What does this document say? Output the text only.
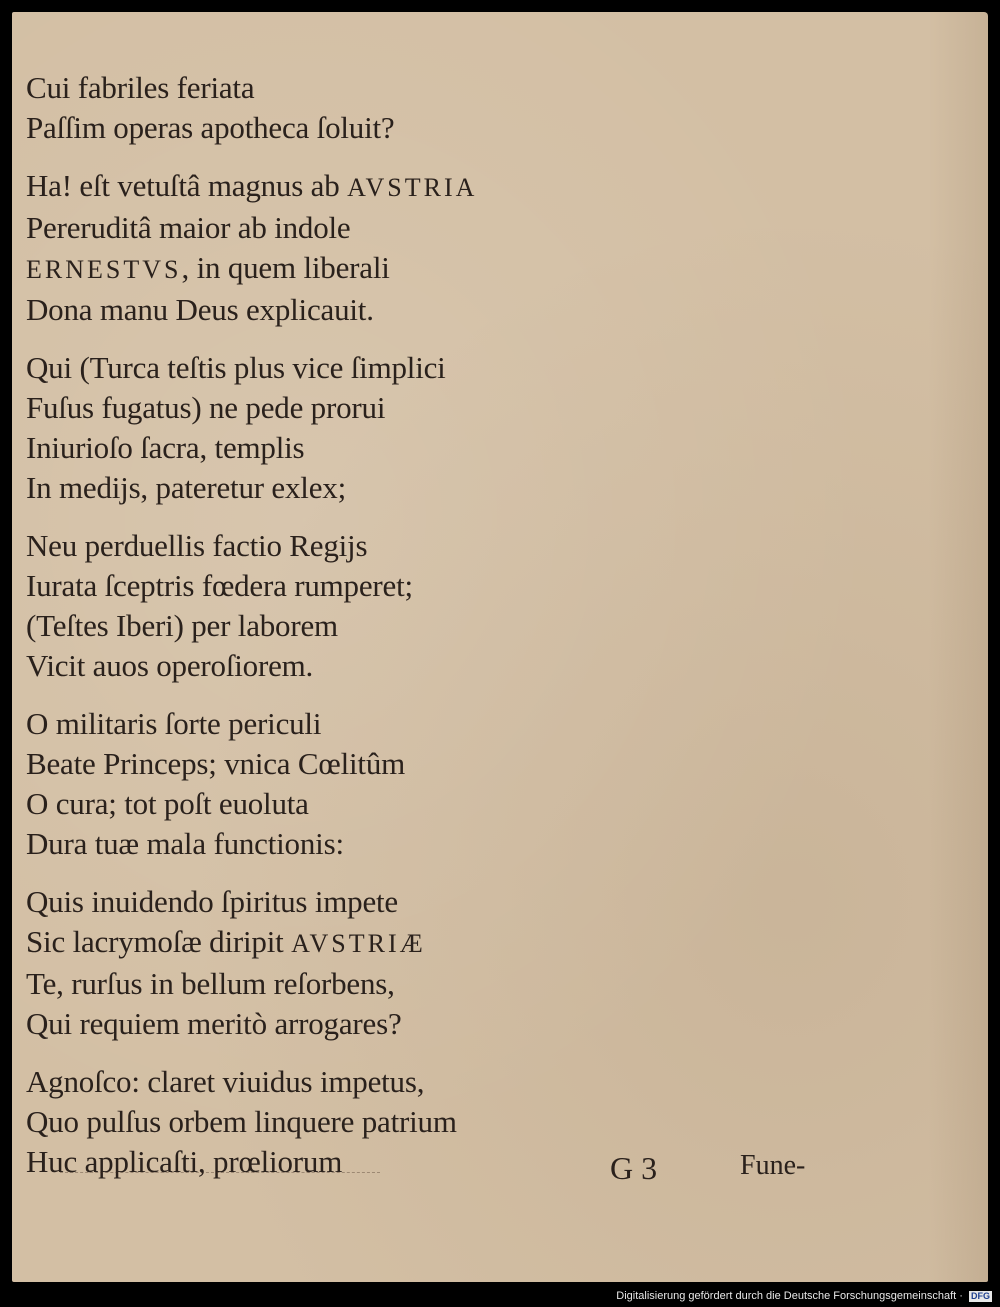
Cui fabriles feriata
Paſſim operas apotheca ſoluit?
Ha! eſt vetuſtâ magnus ab AVSTRIA
Pereruditâ maior ab indole
ERNESTVS, in quem liberali
Dona manu Deus explicauit.
Qui (Turca teſtis plus vice ſimplici
Fuſus fugatus) ne pede prorui
Iniurioſo ſacra, templis
In medijs, pateretur exlex;
Neu perduellis factio Regijs
Iurata ſceptris fœdera rumperet;
(Teſtes Iberi) per laborem
Vicit auos operoſiorem.
O militaris ſorte periculi
Beate Princeps; vnica Cœlitûm
O cura; tot poſt euoluta
Dura tuæ mala functionis:
Quis inuidendo ſpiritus impete
Sic lacrymoſæ diripit AVSTRIÆ
Te, rurſus in bellum reſorbens,
Qui requiem meritò arrogares?
Agnoſco: claret viuidus impetus,
Quo pulſus orbem linquere patrium
Huc applicaſti, prœliorum	G 3	Fune-
Digitalisierung gefördert durch die Deutsche Forschungsgemeinschaft · DFG
